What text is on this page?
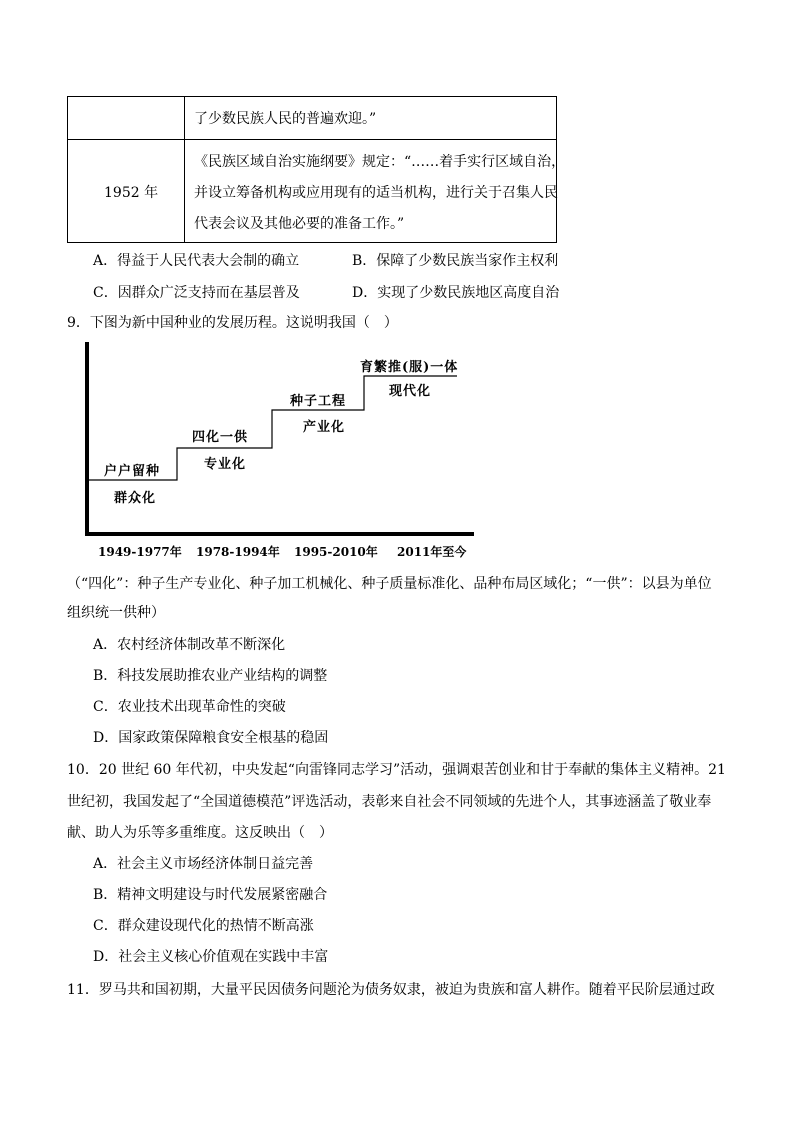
了少数民族人民的普遍欢迎。”
1952 年
《民族区域自治实施纲要》规定：“……着手实行区域自治，
并设立筹备机构或应用现有的适当机构，进行关于召集人民
代表会议及其他必要的准备工作。”
A．得益于人民代表大会制的确立	B．保障了少数民族当家作主权利
C．因群众广泛支持而在基层普及	D．实现了少数民族地区高度自治
9．下图为新中国种业的发展历程。这说明我国（　）
户户留种
群众化
四化一供
专业化
种子工程
产业化
育繁推(服)一体
现代化
1949-1977年 1978-1994年 1995-2010年 2011年至今
（“四化”：种子生产专业化、种子加工机械化、种子质量标准化、品种布局区域化；“一供”：以县为单位
组织统一供种）
A．农村经济体制改革不断深化
B．科技发展助推农业产业结构的调整
C．农业技术出现革命性的突破
D．国家政策保障粮食安全根基的稳固
10．20 世纪 60 年代初，中央发起“向雷锋同志学习”活动，强调艰苦创业和甘于奉献的集体主义精神。21
世纪初，我国发起了“全国道德模范”评选活动，表彰来自社会不同领域的先进个人，其事迹涵盖了敬业奉
献、助人为乐等多重维度。这反映出（　）
A．社会主义市场经济体制日益完善
B．精神文明建设与时代发展紧密融合
C．群众建设现代化的热情不断高涨
D．社会主义核心价值观在实践中丰富
11．罗马共和国初期，大量平民因债务问题沦为债务奴隶，被迫为贵族和富人耕作。随着平民阶层通过政
